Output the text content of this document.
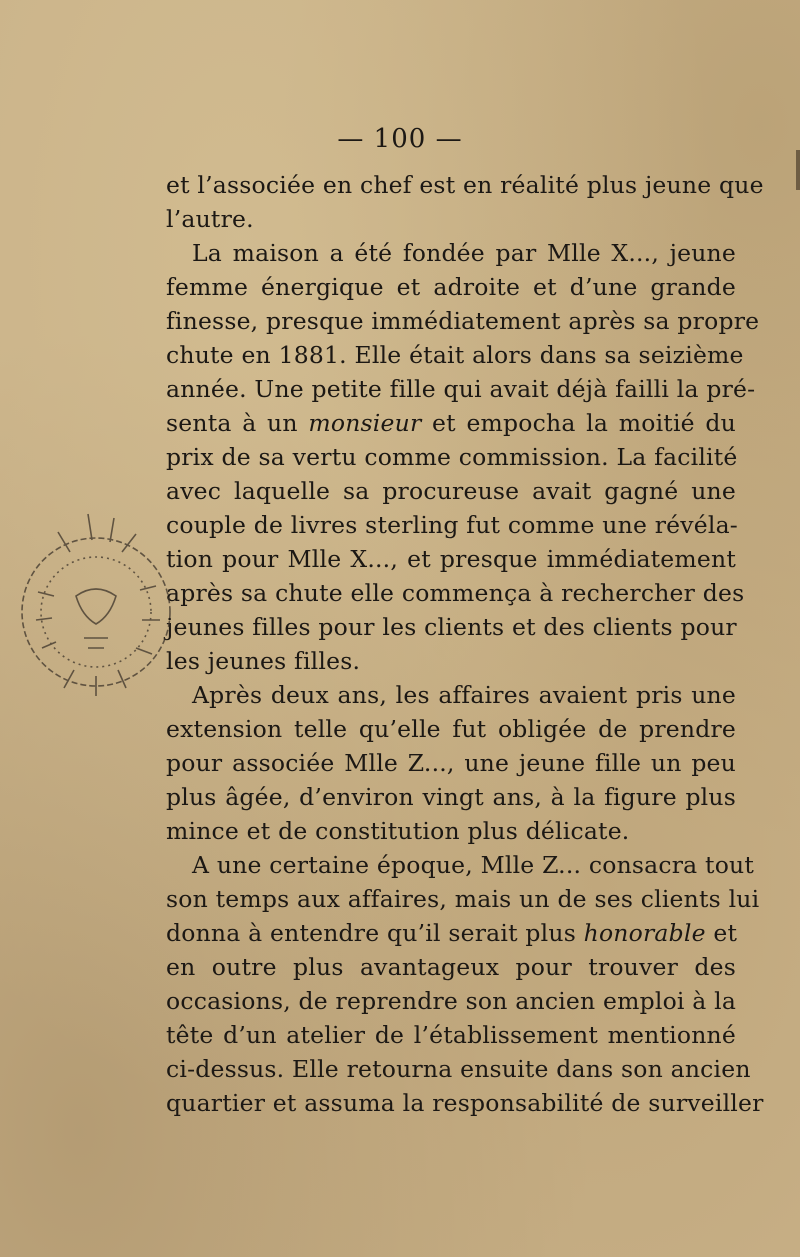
— 100 —
et l’associée en chef est en réalité plus jeune que
l’autre.
La maison a été fondée par Mlle X..., jeune
femme énergique et adroite et d’une grande
finesse, presque immédiatement après sa propre
chute en 1881. Elle était alors dans sa seizième
année. Une petite fille qui avait déjà failli la pré-
senta à un monsieur et empocha la moitié du
prix de sa vertu comme commission. La facilité
avec laquelle sa procureuse avait gagné une
couple de livres sterling fut comme une révéla-
tion pour Mlle X..., et presque immédiatement
après sa chute elle commença à rechercher des
jeunes filles pour les clients et des clients pour
les jeunes filles.
Après deux ans, les affaires avaient pris une
extension telle qu’elle fut obligée de prendre
pour associée Mlle Z..., une jeune fille un peu
plus âgée, d’environ vingt ans, à la figure plus
mince et de constitution plus délicate.
A une certaine époque, Mlle Z... consacra tout
son temps aux affaires, mais un de ses clients lui
donna à entendre qu’il serait plus honorable et
en outre plus avantageux pour trouver des
occasions, de reprendre son ancien emploi à la
tête d’un atelier de l’établissement mentionné
ci-dessus. Elle retourna ensuite dans son ancien
quartier et assuma la responsabilité de surveiller
